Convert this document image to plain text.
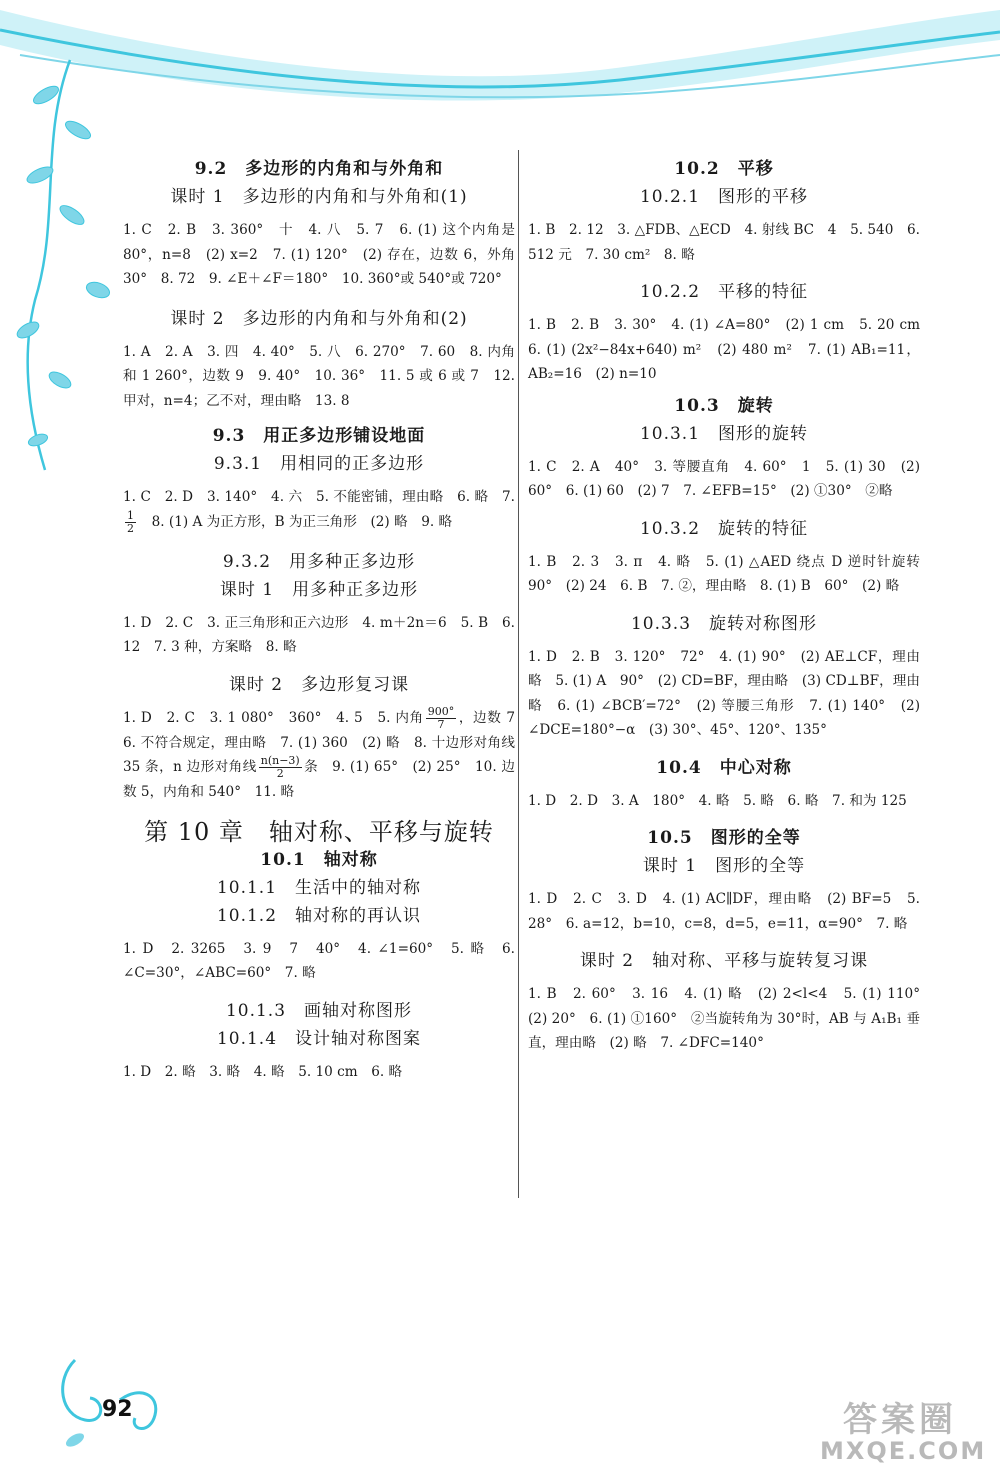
9.2　多边形的内角和与外角和
课时 1　多边形的内角和与外角和(1)

1. C　2. B　3. 360°　十　4. 八　5. 7　6. (1) 这个内角是 80°，n=8　(2) x=2　7. (1) 120°　(2) 存在，边数 6，外角 30°　8. 72　9. ∠E＋∠F＝180°　10. 360°或 540°或 720°

课时 2　多边形的内角和与外角和(2)

1. A　2. A　3. 四　4. 40°　5. 八　6. 270°　7. 60　8. 内角和 1 260°，边数 9　9. 40°　10. 36°　11. 5 或 6 或 7　12. 甲对，n=4；乙不对，理由略　13. 8

9.3　用正多边形铺设地面
9.3.1　用相同的正多边形

1. C　2. D　3. 140°　4. 六　5. 不能密铺，理由略　6. 略　7.
$\frac{1}{2}$ 　8. (1) A 为正方形，B 为正三角形　(2) 略　9. 略

9.3.2　用多种正多边形
课时 1　用多种正多边形

1. D　2. C　3. 正三角形和正六边形　4. m＋2n＝6　5. B　6. 12　7. 3 种，方案略　8. 略

课时 2　多边形复习课

1. D　2. C　3. 1 080°　360°　4. 5　5. 内角 $\frac{900^\circ}{7}$ ，边数 7　6. 不符合规定，理由略　7. (1) 360　(2) 略　8. 十边形对角线 35 条，n 边形对角线 $\frac{n(n-3)}{2}$ 条　9. (1) 65°　(2) 25°　10. 边数 5，内角和 540°　11. 略

第 10 章　轴对称、平移与旋转
10.1　轴对称
10.1.1　生活中的轴对称
10.1.2　轴对称的再认识

1. D　2. 3265　3. 9　7　40°　4. ∠1=60°　5. 略　6. ∠C=30°，∠ABC=60°　7. 略

10.1.3　画轴对称图形
10.1.4　设计轴对称图案

1. D　2. 略　3. 略　4. 略　5. 10 cm　6. 略

10.2　平移
10.2.1　图形的平移

1. B　2. 12　3. △FDB、△ECD　4. 射线 BC　4　5. 540　6. 512 元　7. 30 cm²　8. 略

10.2.2　平移的特征

1. B　2. B　3. 30°　4. (1) ∠A=80°　(2) 1 cm　5. 20 cm　6. (1) (2x²−84x+640) m²　(2) 480 m²　7. (1) AB₁=11，AB₂=16　(2) n=10

10.3　旋转
10.3.1　图形的旋转

1. C　2. A　40°　3. 等腰直角　4. 60°　1　5. (1) 30　(2) 60°　6. (1) 60　(2) 7　7. ∠EFB=15°　(2) ①30°　②略

10.3.2　旋转的特征

1. B　2. 3　3. π　4. 略　5. (1) △AED 绕点 D 逆时针旋转 90°　(2) 24　6. B　7. ②，理由略　8. (1) B　60°　(2) 略

10.3.3　旋转对称图形

1. D　2. B　3. 120°　72°　4. (1) 90°　(2) AE⊥CF，理由略　5. (1) A　90°　(2) CD=BF，理由略　(3) CD⊥BF，理由略　6. (1) ∠BCB′=72°　(2) 等腰三角形　7. (1) 140°　(2) ∠DCE=180°−α　(3) 30°、45°、120°、135°

10.4　中心对称

1. D　2. D　3. A　180°　4. 略　5. 略　6. 略　7. 和为 125

10.5　图形的全等
课时 1　图形的全等

1. D　2. C　3. D　4. (1) AC∥DF，理由略　(2) BF=5　5. 28°　6. a=12，b=10，c=8，d=5，e=11，α=90°　7. 略

课时 2　轴对称、平移与旋转复习课

1. B　2. 60°　3. 16　4. (1) 略　(2) 2<l<4　5. (1) 110°　(2) 20°　6. (1) ①160°　②当旋转角为 30°时，AB 与 A₁B₁ 垂直，理由略　(2) 略　7. ∠DFC=140°

92	答案圈
MXQE.COM
